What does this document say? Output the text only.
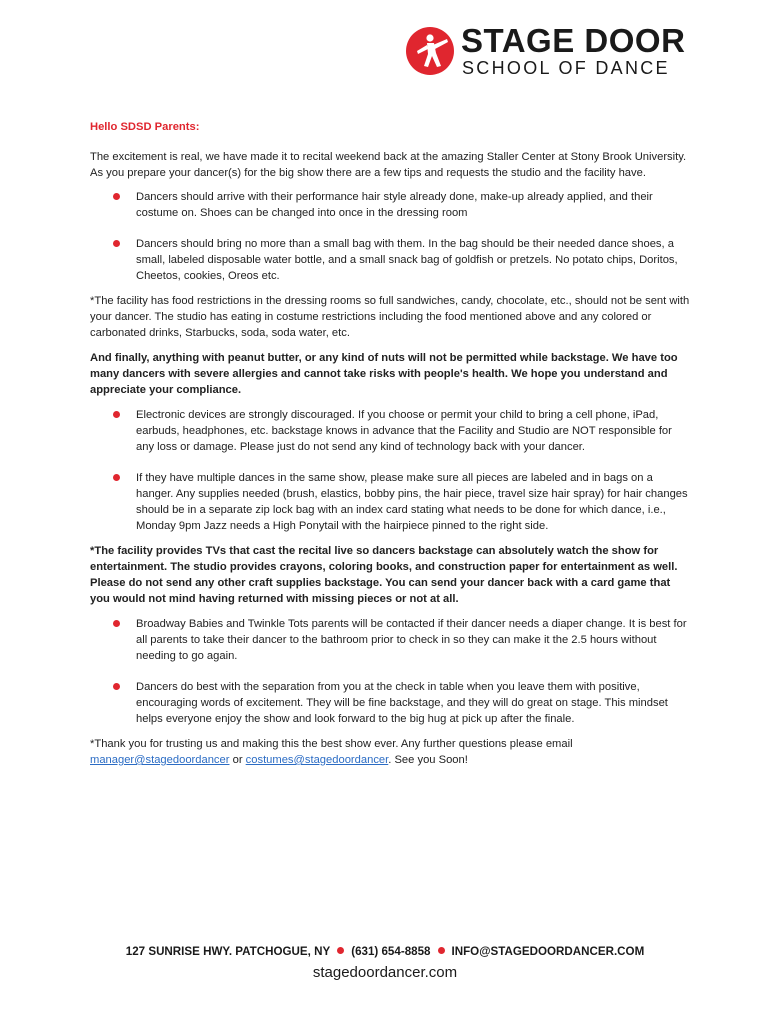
STAGE DOOR
SCHOOL OF DANCE

Hello SDSD Parents:

The excitement is real, we have made it to recital weekend back at the amazing Staller Center at Stony Brook University. As you prepare your dancer(s) for the big show there are a few tips and requests the studio and the facility have.

Dancers should arrive with their performance hair style already done, make-up already applied, and their costume on. Shoes can be changed into once in the dressing room
Dancers should bring no more than a small bag with them. In the bag should be their needed dance shoes, a small, labeled disposable water bottle, and a small snack bag of goldfish or pretzels. No potato chips, Doritos, Cheetos, cookies, Oreos etc.

*The facility has food restrictions in the dressing rooms so full sandwiches, candy, chocolate, etc., should not be sent with your dancer. The studio has eating in costume restrictions including the food mentioned above and any colored or carbonated drinks, Starbucks, soda, soda water, etc.

And finally, anything with peanut butter, or any kind of nuts will not be permitted while backstage. We have too many dancers with severe allergies and cannot take risks with people's health. We hope you understand and appreciate your compliance.

Electronic devices are strongly discouraged. If you choose or permit your child to bring a cell phone, iPad, earbuds, headphones, etc. backstage knows in advance that the Facility and Studio are NOT responsible for any loss or damage. Please just do not send any kind of technology back with your dancer.
If they have multiple dances in the same show, please make sure all pieces are labeled and in bags on a hanger. Any supplies needed (brush, elastics, bobby pins, the hair piece, travel size hair spray) for hair changes should be in a separate zip lock bag with an index card stating what needs to be done for which dance, i.e., Monday 9pm Jazz needs a High Ponytail with the hairpiece pinned to the right side.

*The facility provides TVs that cast the recital live so dancers backstage can absolutely watch the show for entertainment. The studio provides crayons, coloring books, and construction paper for entertainment as well. Please do not send any other craft supplies backstage. You can send your dancer back with a card game that you would not mind having returned with missing pieces or not at all.

Broadway Babies and Twinkle Tots parents will be contacted if their dancer needs a diaper change. It is best for all parents to take their dancer to the bathroom prior to check in so they can make it the 2.5 hours without needing to go again.
Dancers do best with the separation from you at the check in table when you leave them with positive, encouraging words of excitement. They will be fine backstage, and they will do great on stage. This mindset helps everyone enjoy the show and look forward to the big hug at pick up after the finale.

*Thank you for trusting us and making this the best show ever. Any further questions please email manager@stagedoordancer or costumes@stagedoordancer. See you Soon!

127 SUNRISE HWY. PATCHOGUE, NY (631) 654-8858 INFO@STAGEDOORDANCER.COM
stagedoordancer.com
